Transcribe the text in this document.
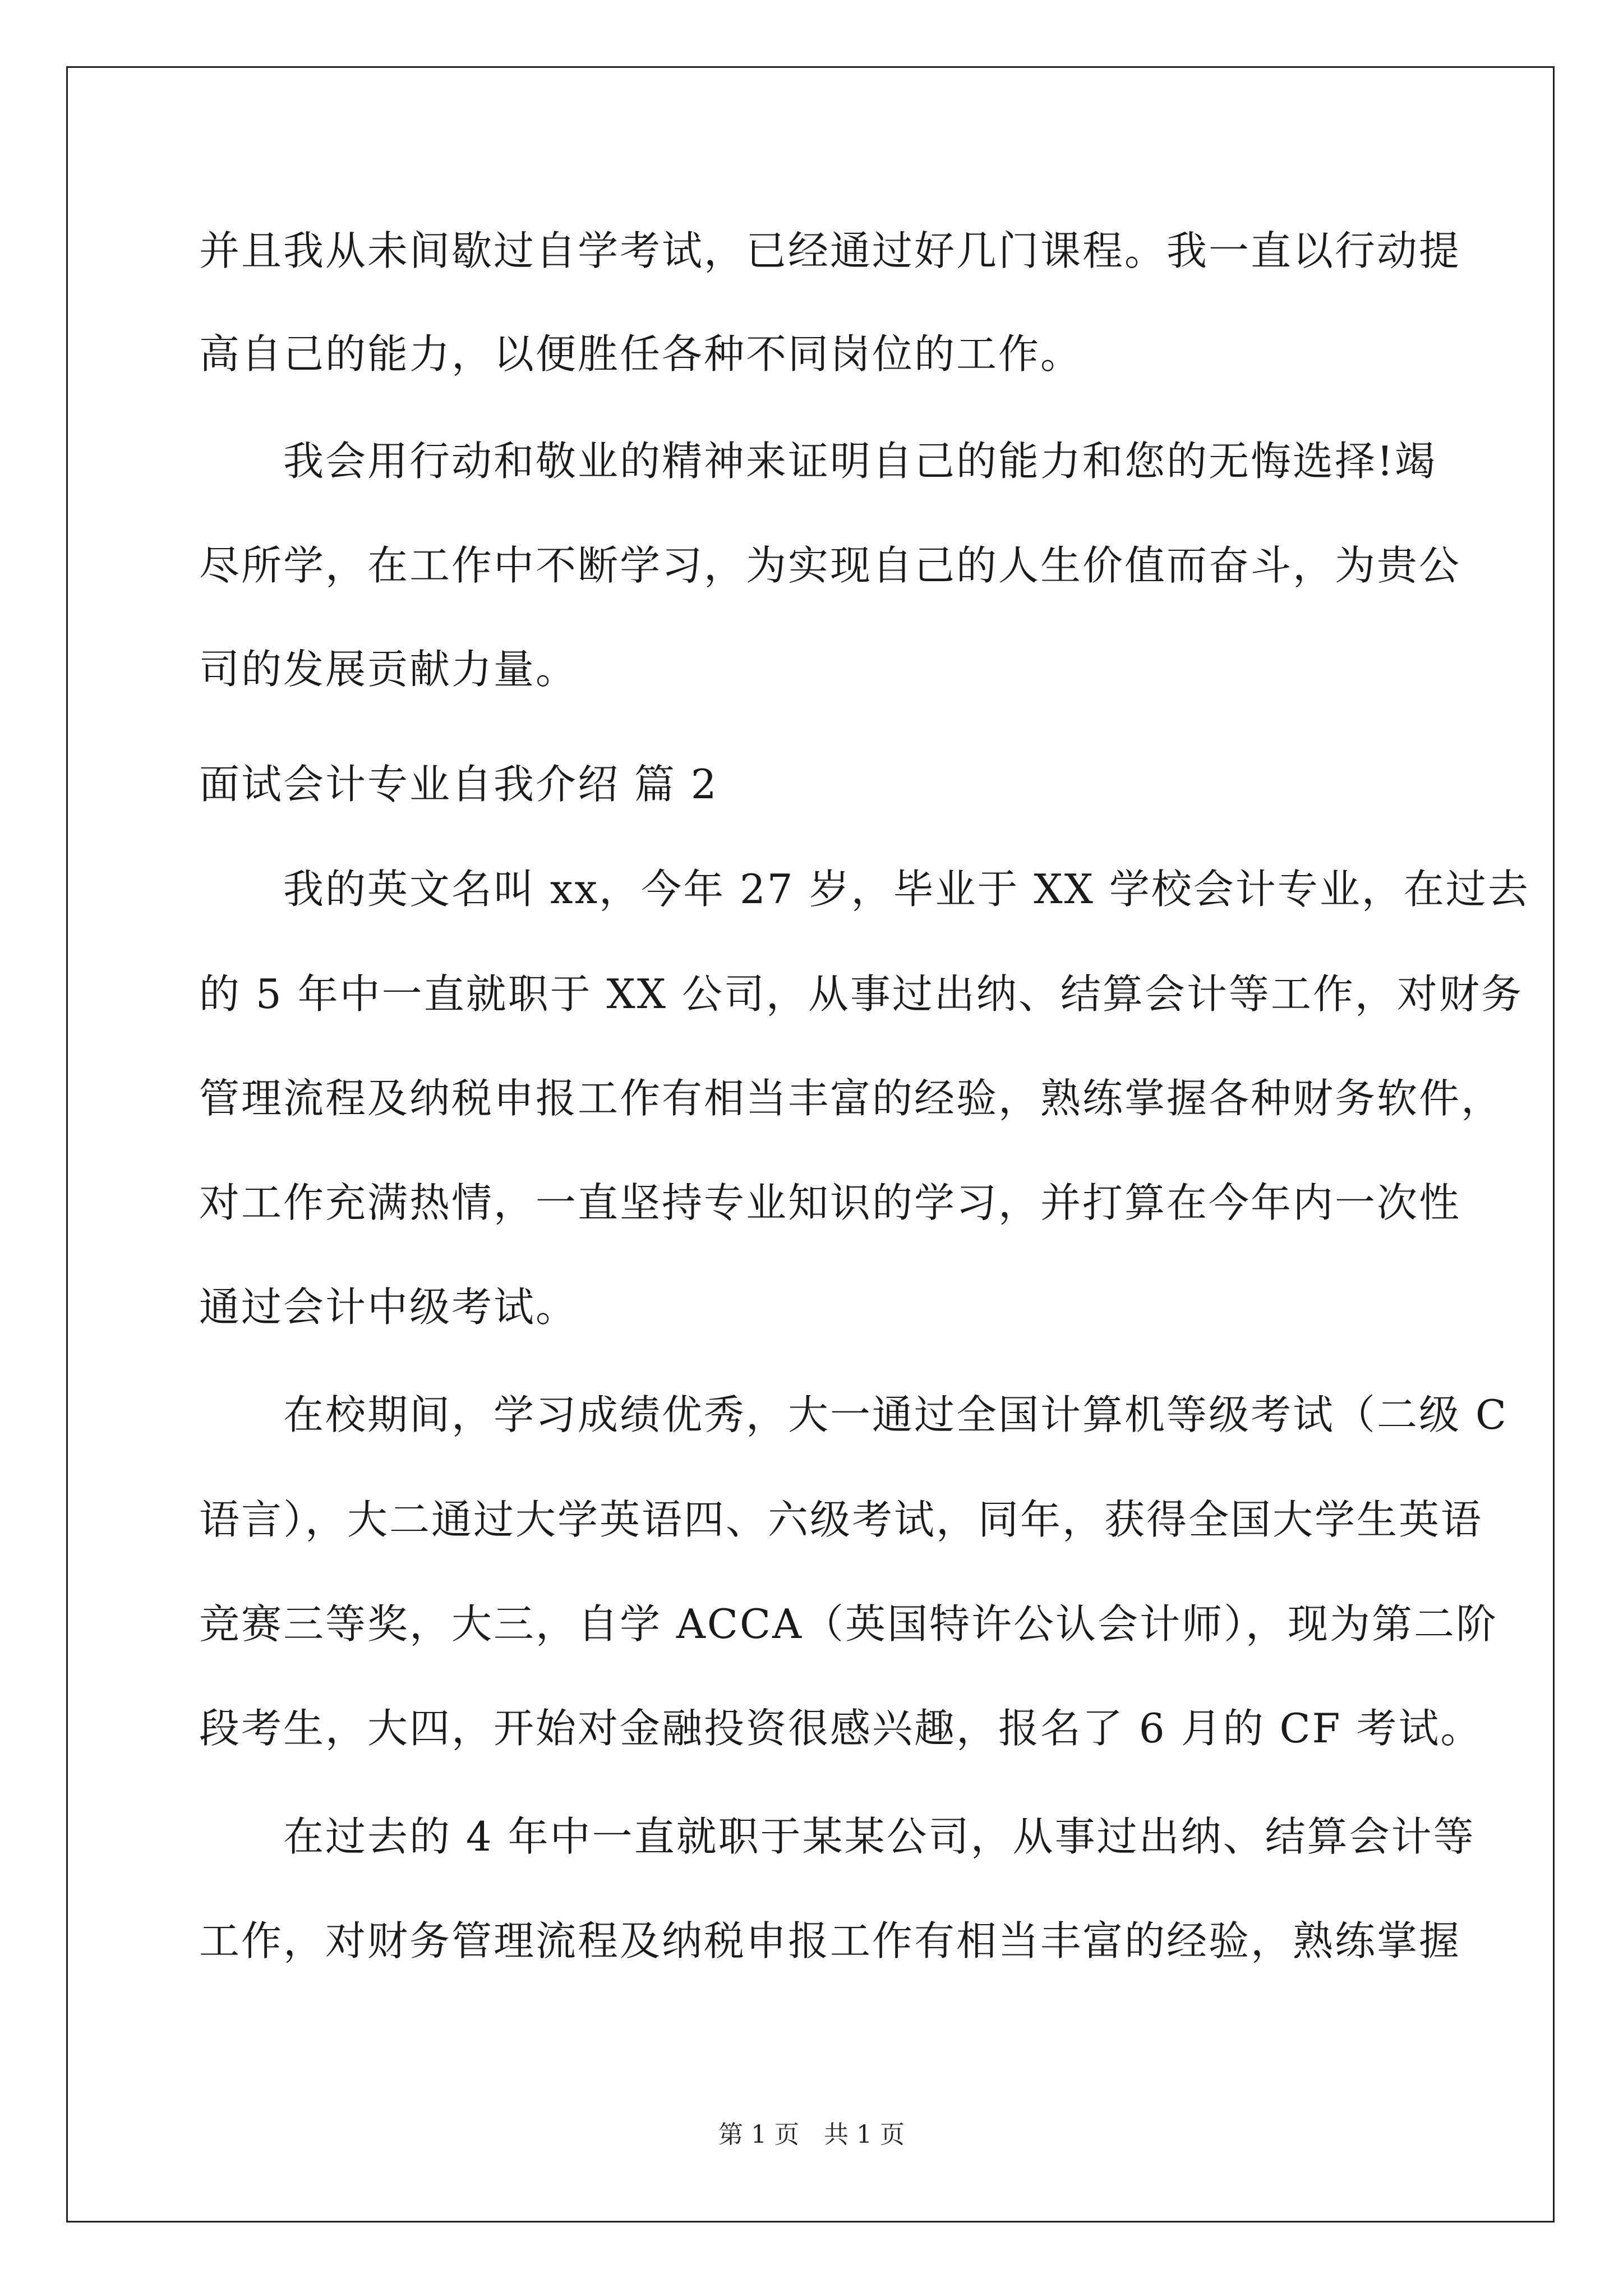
并且我从未间歇过自学考试，已经通过好几门课程。我一直以行动提
高自己的能力，以便胜任各种不同岗位的工作。
　　我会用行动和敬业的精神来证明自己的能力和您的无悔选择!竭
尽所学，在工作中不断学习，为实现自己的人生价值而奋斗，为贵公
司的发展贡献力量。
面试会计专业自我介绍 篇 2
　　我的英文名叫 xx，今年 27 岁，毕业于 XX 学校会计专业，在过去
的 5 年中一直就职于 XX 公司，从事过出纳、结算会计等工作，对财务
管理流程及纳税申报工作有相当丰富的经验，熟练掌握各种财务软件，
对工作充满热情，一直坚持专业知识的学习，并打算在今年内一次性
通过会计中级考试。
　　在校期间，学习成绩优秀，大一通过全国计算机等级考试（二级 C
语言），大二通过大学英语四、六级考试，同年，获得全国大学生英语
竞赛三等奖，大三，自学 ACCA（英国特许公认会计师），现为第二阶
段考生，大四，开始对金融投资很感兴趣，报名了 6 月的 CF 考试。
　　在过去的 4 年中一直就职于某某公司，从事过出纳、结算会计等
工作，对财务管理流程及纳税申报工作有相当丰富的经验，熟练掌握
第 1 页　共 1 页
